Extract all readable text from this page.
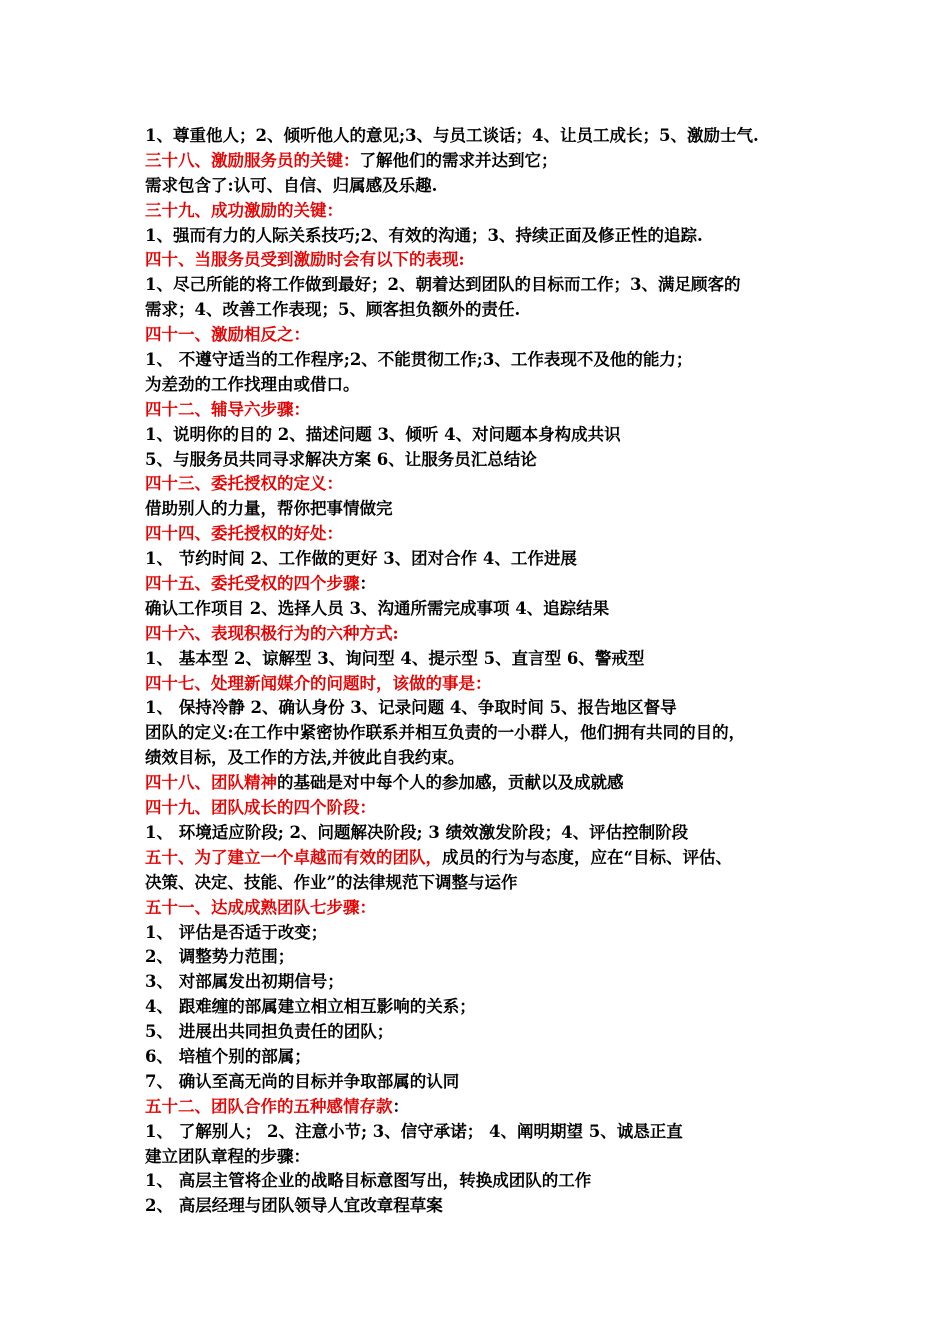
1、尊重他人；2、倾听他人的意见;3、与员工谈话；4、让员工成长；5、激励士气.
三十八、激励服务员的关键：了解他们的需求并达到它；
需求包含了:认可、自信、归属感及乐趣.
三十九、成功激励的关键：
1、强而有力的人际关系技巧;2、有效的沟通；3、持续正面及修正性的追踪.
四十、当服务员受到激励时会有以下的表现:
1、尽己所能的将工作做到最好；2、朝着达到团队的目标而工作；3、满足顾客的
需求；4、改善工作表现；5、顾客担负额外的责任.
四十一、激励相反之：
1、 不遵守适当的工作程序;2、不能贯彻工作;3、工作表现不及他的能力；
为差劲的工作找理由或借口。
四十二、辅导六步骤：
1、说明你的目的 2、描述问题 3、倾听 4、对问题本身构成共识
5、与服务员共同寻求解决方案 6、让服务员汇总结论
四十三、委托授权的定义：
借助别人的力量，帮你把事情做完
四十四、委托授权的好处：
1、 节约时间 2、工作做的更好 3、团对合作 4、工作进展
四十五、委托受权的四个步骤：
确认工作项目 2、选择人员 3、沟通所需完成事项 4、追踪结果
四十六、表现积极行为的六种方式:
1、 基本型 2、谅解型 3、询问型 4、提示型 5、直言型 6、警戒型
四十七、处理新闻媒介的问题时，该做的事是：
1、 保持冷静 2、确认身份 3、记录问题 4、争取时间 5、报告地区督导
团队的定义:在工作中紧密协作联系并相互负责的一小群人，他们拥有共同的目的，
绩效目标，及工作的方法,并彼此自我约束。
四十八、团队精神的基础是对中每个人的参加感，贡献以及成就感
四十九、团队成长的四个阶段：
1、 环境适应阶段; 2、问题解决阶段; 3 绩效激发阶段；4、评估控制阶段
五十、为了建立一个卓越而有效的团队，成员的行为与态度，应在“目标、评估、
决策、决定、技能、作业”的法律规范下调整与运作
五十一、达成成熟团队七步骤：
1、 评估是否适于改变；
2、 调整势力范围；
3、 对部属发出初期信号；
4、 跟难缠的部属建立相立相互影响的关系；
5、 进展出共同担负责任的团队；
6、 培植个别的部属；
7、 确认至高无尚的目标并争取部属的认同
五十二、团队合作的五种感情存款：
1、 了解别人； 2、注意小节; 3、信守承诺； 4、阐明期望 5、诚恳正直
建立团队章程的步骤：
1、 高层主管将企业的战略目标意图写出，转换成团队的工作
2、 高层经理与团队领导人宜改章程草案
